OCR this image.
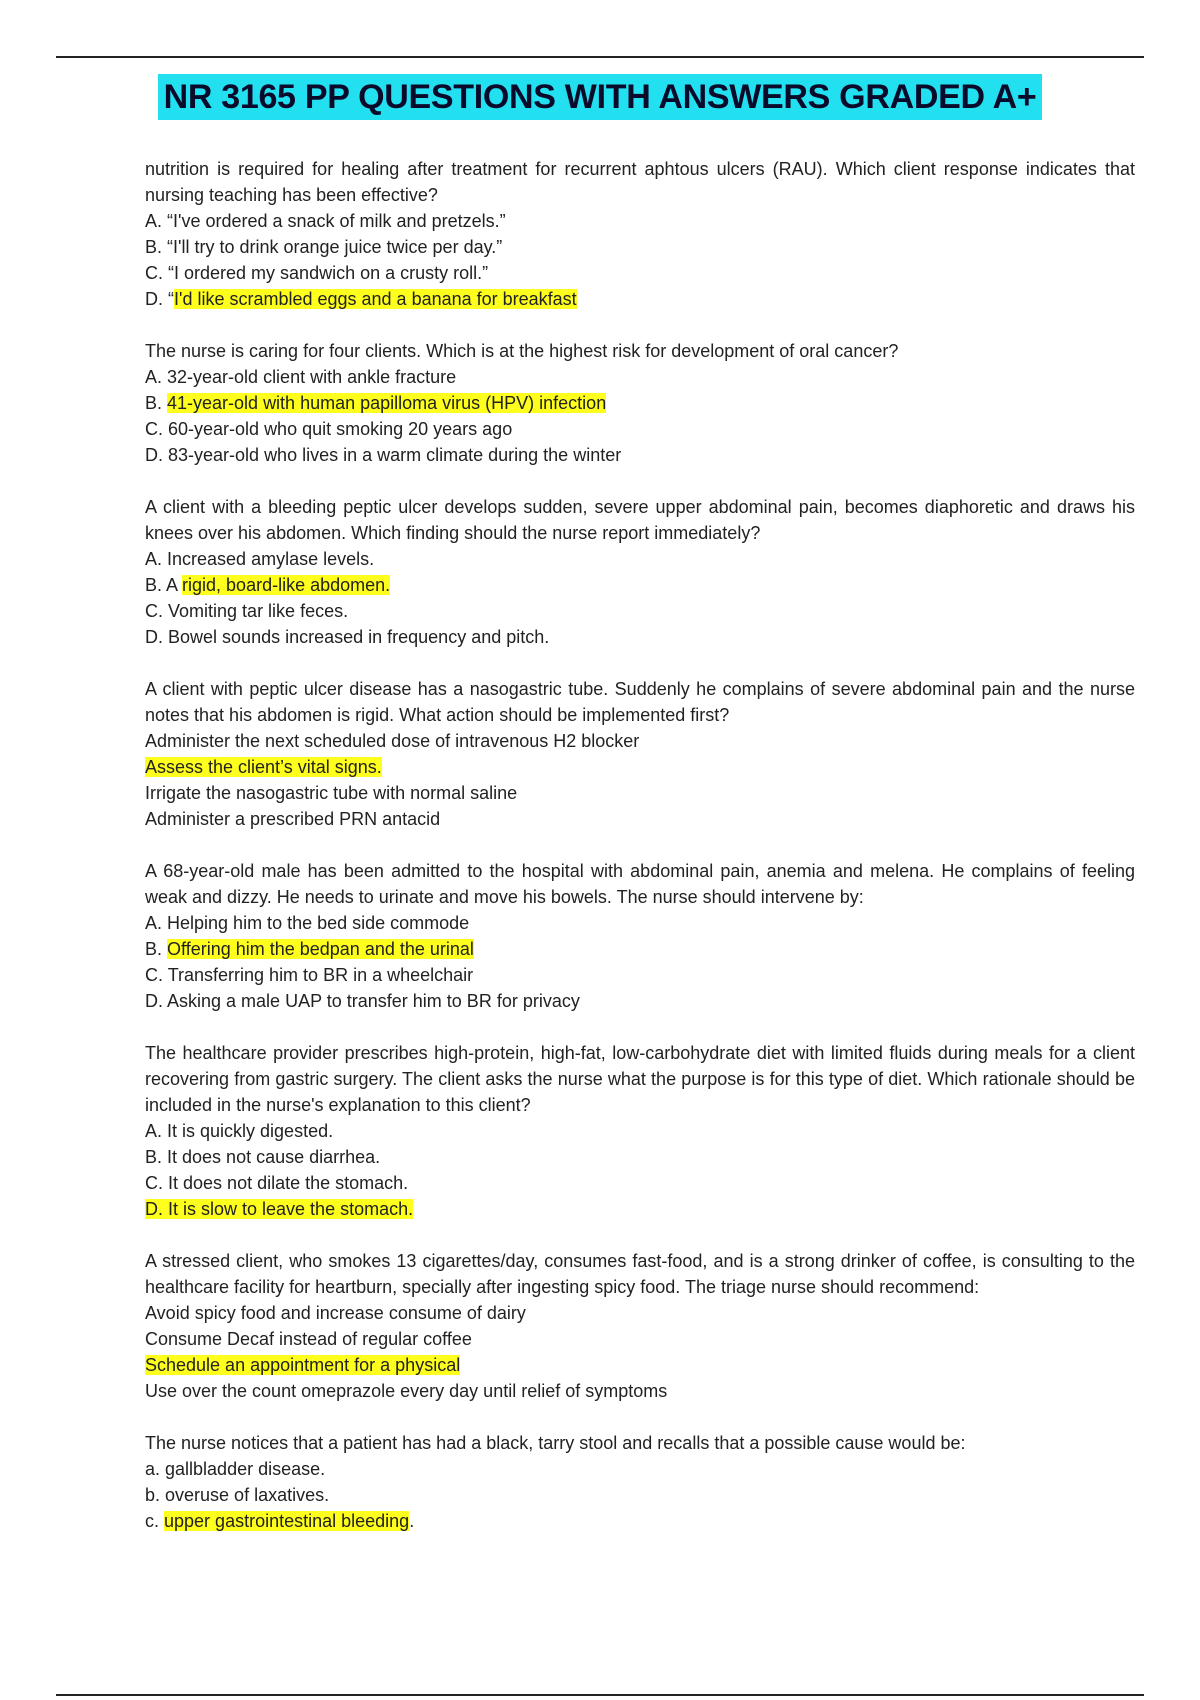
NR 3165 PP QUESTIONS WITH ANSWERS GRADED A+
nutrition is required for healing after treatment for recurrent aphtous ulcers (RAU). Which client response indicates that nursing teaching has been effective?
A. “I've ordered a snack of milk and pretzels.”
B. “I'll try to drink orange juice twice per day.”
C. “I ordered my sandwich on a crusty roll.”
D. “I'd like scrambled eggs and a banana for breakfast
The nurse is caring for four clients. Which is at the highest risk for development of oral cancer?
A. 32-year-old client with ankle fracture
B. 41-year-old with human papilloma virus (HPV) infection
C. 60-year-old who quit smoking 20 years ago
D. 83-year-old who lives in a warm climate during the winter
A client with a bleeding peptic ulcer develops sudden, severe upper abdominal pain, becomes diaphoretic and draws his knees over his abdomen. Which finding should the nurse report immediately?
A. Increased amylase levels.
B. A rigid, board-like abdomen.
C. Vomiting tar like feces.
D. Bowel sounds increased in frequency and pitch.
A client with peptic ulcer disease has a nasogastric tube. Suddenly he complains of severe abdominal pain and the nurse notes that his abdomen is rigid. What action should be implemented first?
Administer the next scheduled dose of intravenous H2 blocker
Assess the client’s vital signs.
Irrigate the nasogastric tube with normal saline
Administer a prescribed PRN antacid
A 68-year-old male has been admitted to the hospital with abdominal pain, anemia and melena. He complains of feeling weak and dizzy. He needs to urinate and move his bowels. The nurse should intervene by:
A. Helping him to the bed side commode
B. Offering him the bedpan and the urinal
C. Transferring him to BR in a wheelchair
D. Asking a male UAP to transfer him to BR for privacy
The healthcare provider prescribes high-protein, high-fat, low-carbohydrate diet with limited fluids during meals for a client recovering from gastric surgery. The client asks the nurse what the purpose is for this type of diet. Which rationale should be included in the nurse's explanation to this client?
A. It is quickly digested.
B. It does not cause diarrhea.
C. It does not dilate the stomach.
D. It is slow to leave the stomach.
A stressed client, who smokes 13 cigarettes/day, consumes fast-food, and is a strong drinker of coffee, is consulting to the healthcare facility for heartburn, specially after ingesting spicy food. The triage nurse should recommend:
Avoid spicy food and increase consume of dairy
Consume Decaf instead of regular coffee
Schedule an appointment for a physical
Use over the count omeprazole every day until relief of symptoms
The nurse notices that a patient has had a black, tarry stool and recalls that a possible cause would be:
a. gallbladder disease.
b. overuse of laxatives.
c. upper gastrointestinal bleeding.
